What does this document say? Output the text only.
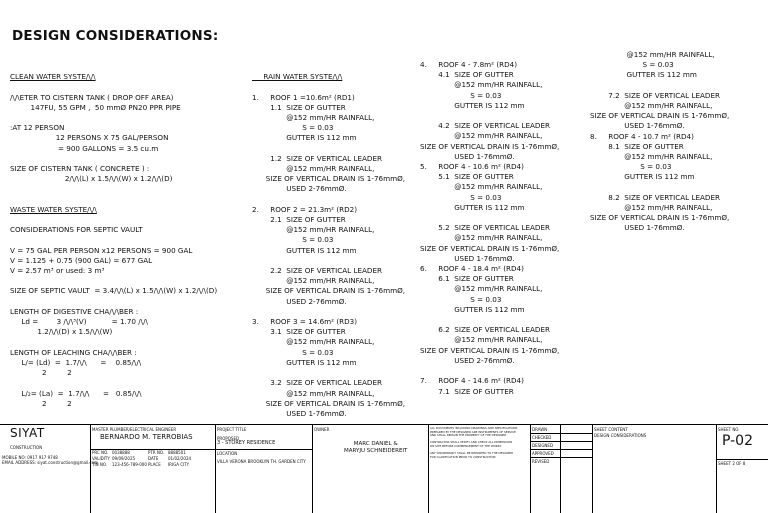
DESIGN CONSIDERATIONS:

CLEAN WATER SYSTE/\/\

/\/\ETER TO CISTERN TANK ( DROP OFF AREA)
147FU, 55 GPM ,  50 mmØ PN20 PPR PIPE

:AT 12 PERSON
12 PERSONS X 75 GAL/PERSON
= 900 GALLONS = 3.5 cu.m

SIZE OF CISTERN TANK ( CONCRETE ) :
2/\/\(L) x 1.5/\/\(W) x 1.2/\/\(D)

WASTE WATER SYSTE/\/\

CONSIDERATIONS FOR SEPTIC VAULT

V = 75 GAL PER PERSON x12 PERSONS = 900 GAL
V = 1.125 + 0.75 (900 GAL) = 677 GAL
V = 2.57 m³ or used: 3 m³

SIZE OF SEPTIC VAULT  = 3.4/\/\(L) x 1.5/\/\(W) x 1.2/\/\(D)

LENGTH OF DIGESTIVE CHA/\/\BER :
Ld =        3 /\/\³(V)           = 1.70 /\/\
1.2/\/\(D) x 1.5/\/\(W)

LENGTH OF LEACHING CHA/\/\BER :
L/= (Ld)  =  1.7/\/\      =    0.85/\/\
2         2

L/₂= (La)  =  1.7/\/\      =   0.85/\/\
2         2

RAIN WATER SYSTE/\/\

1.     ROOF 1 =10.6m² (RD1)
1.1  SIZE OF GUTTER
@152 mm/HR RAINFALL,
S = 0.03
GUTTER IS 112 mm

1.2  SIZE OF VERTICAL LEADER
@152 mm/HR RAINFALL,
SIZE OF VERTICAL DRAIN IS 1-76mmØ,
USED 2-76mmØ.

2.     ROOF 2 = 21.3m² (RD2)
2.1  SIZE OF GUTTER
@152 mm/HR RAINFALL,
S = 0.03
GUTTER IS 112 mm

2.2  SIZE OF VERTICAL LEADER
@152 mm/HR RAINFALL,
SIZE OF VERTICAL DRAIN IS 1-76mmØ,
USED 2-76mmØ.

3.     ROOF 3 = 14.6m² (RD3)
3.1  SIZE OF GUTTER
@152 mm/HR RAINFALL,
S = 0.03
GUTTER IS 112 mm

3.2  SIZE OF VERTICAL LEADER
@152 mm/HR RAINFALL,
SIZE OF VERTICAL DRAIN IS 1-76mmØ,
USED 1-76mmØ.
4.     ROOF 4 - 7.8m² (RD4)
4.1  SIZE OF GUTTER
@152 mm/HR RAINFALL,
S = 0.03
GUTTER IS 112 mm

4.2  SIZE OF VERTICAL LEADER
@152 mm/HR RAINFALL,
SIZE OF VERTICAL DRAIN IS 1-76mmØ,
USED 1-76mmØ.
5.     ROOF 4 - 10.6 m² (RD4)
5.1  SIZE OF GUTTER
@152 mm/HR RAINFALL,
S = 0.03
GUTTER IS 112 mm

5.2  SIZE OF VERTICAL LEADER
@152 mm/HR RAINFALL,
SIZE OF VERTICAL DRAIN IS 1-76mmØ,
USED 1-76mmØ.
6.     ROOF 4 - 18.4 m² (RD4)
6.1  SIZE OF GUTTER
@152 mm/HR RAINFALL,
S = 0.03
GUTTER IS 112 mm

6.2  SIZE OF VERTICAL LEADER
@152 mm/HR RAINFALL,
SIZE OF VERTICAL DRAIN IS 1-76mmØ,
USED 2-76mmØ.

7.     ROOF 4 - 14.6 m² (RD4)
7.1  SIZE OF GUTTER
@152 mm/HR RAINFALL,
S = 0.03
GUTTER IS 112 mm

7.2  SIZE OF VERTICAL LEADER
@152 mm/HR RAINFALL,
SIZE OF VERTICAL DRAIN IS 1-76mmØ,
USED 1-76mmØ.
8.     ROOF 4 - 10.7 m² (RD4)
8.1  SIZE OF GUTTER
@152 mm/HR RAINFALL,
S = 0.03
GUTTER IS 112 mm

8.2  SIZE OF VERTICAL LEADER
@152 mm/HR RAINFALL,
SIZE OF VERTICAL DRAIN IS 1-76mmØ,
USED 1-76mmØ.
SIYAT
CONSTRUCTION
MOBILE NO: 0917 917 9748
EMAIL ADDRESS: siyat.construction@gmail.com
MASTER PLUMBER/ELECTRICAL ENGINEER
BERNARDO M. TERROBIAS
PRC NO. 0038888	PTR NO. 8888501
VALIDITY 09/09/2025	DATE 01/02/2024
TIN NO. 123-456-789-000 PLACE IRIGA CITY
PROJECT TITLE
PROPOSED
3 - STOREY RESIDENCE
LOCATION
VILLA VERONA BROOKLYN TH. GARDEN CITY
OWNER
MARC DANIEL &
MARYJU SCHNEIDEREIT
ALL DOCUMENTS INCLUDING DRAWINGS AND SPECIFICATIONS
PREPARED BY THE DESIGNER ARE INSTRUMENTS OF SERVICE
AND SHALL REMAIN THE PROPERTY OF THE DESIGNER

CONTRACTOR SHALL VERIFY AND CHECK ALL DIMENSIONS
ON SITE BEFORE COMMENCEMENT OF THE WORKS

ANY DISCREPANCY SHALL BE REPORTED TO THE DESIGNER
FOR CLARIFICATION PRIOR TO CONSTRUCTION
DRAWN
CHECKED
DESIGNED
APPROVED
REVISED
SHEET CONTENT
DESIGN CONSIDERATIONS
SHEET NO.
P-02
SHEET 2 OF 8
